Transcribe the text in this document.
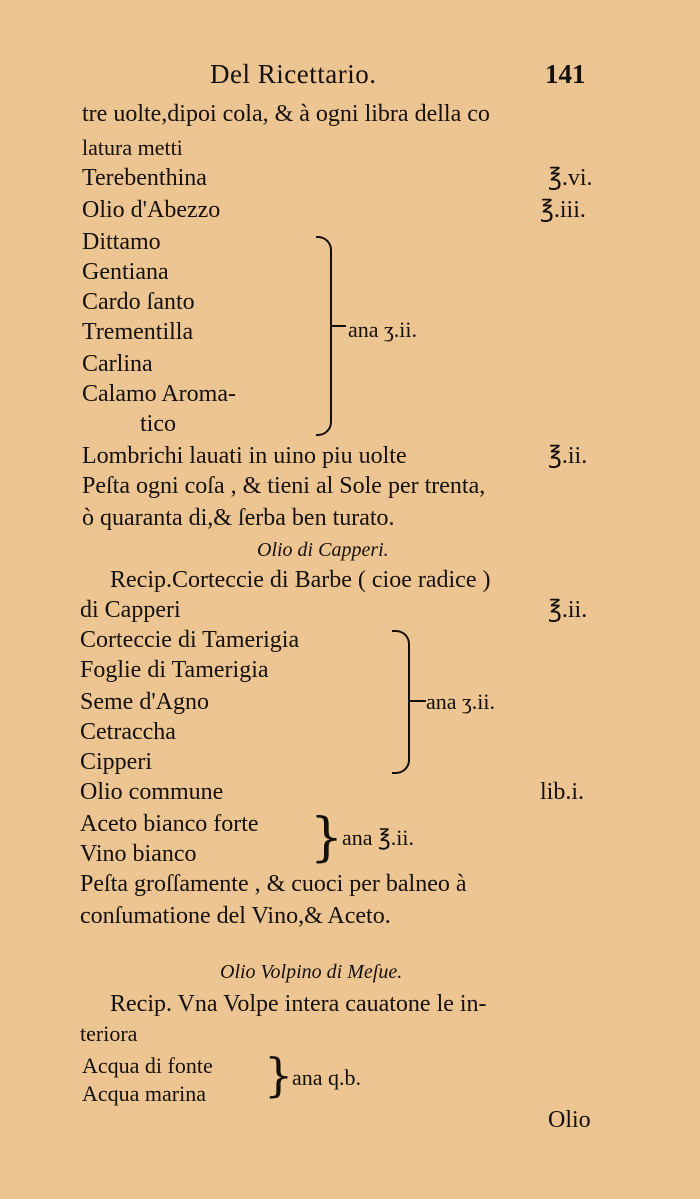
Del Ricettario.	141
tre uolte,dipoi cola, & à ogni libra della co
latura metti
Terebenthina	℥.vi.
Olio d'Abezzo	℥.iii.
Dittamo
Gentiana
Cardo ſanto
Trementilla
Carlina
Calamo Aroma-
tico
ana ʒ.ii.
Lombrichi lauati in uino piu uolte	℥.ii.
Peſta ogni coſa , & tieni al Sole per trenta,
ò quaranta di,& ſerba ben turato.
Olio di Capperi.
Recip.Corteccie di Barbe ( cioe radice )
di Capperi	℥.ii.
Corteccie di Tamerigia
Foglie di Tamerigia
Seme d'Agno
Cetraccha
Cipperi
ana ʒ.ii.
Olio commune	lib.i.
Aceto bianco forte
Vino bianco }
ana ℥.ii.
Peſta groſſamente , & cuoci per balneo à
conſumatione del Vino,& Aceto.
Olio Volpino di Meſue.
Recip. Vna Volpe intera cauatone le in-
teriora
Acqua di fonte
Acqua marina }
ana q.b.
Olio
